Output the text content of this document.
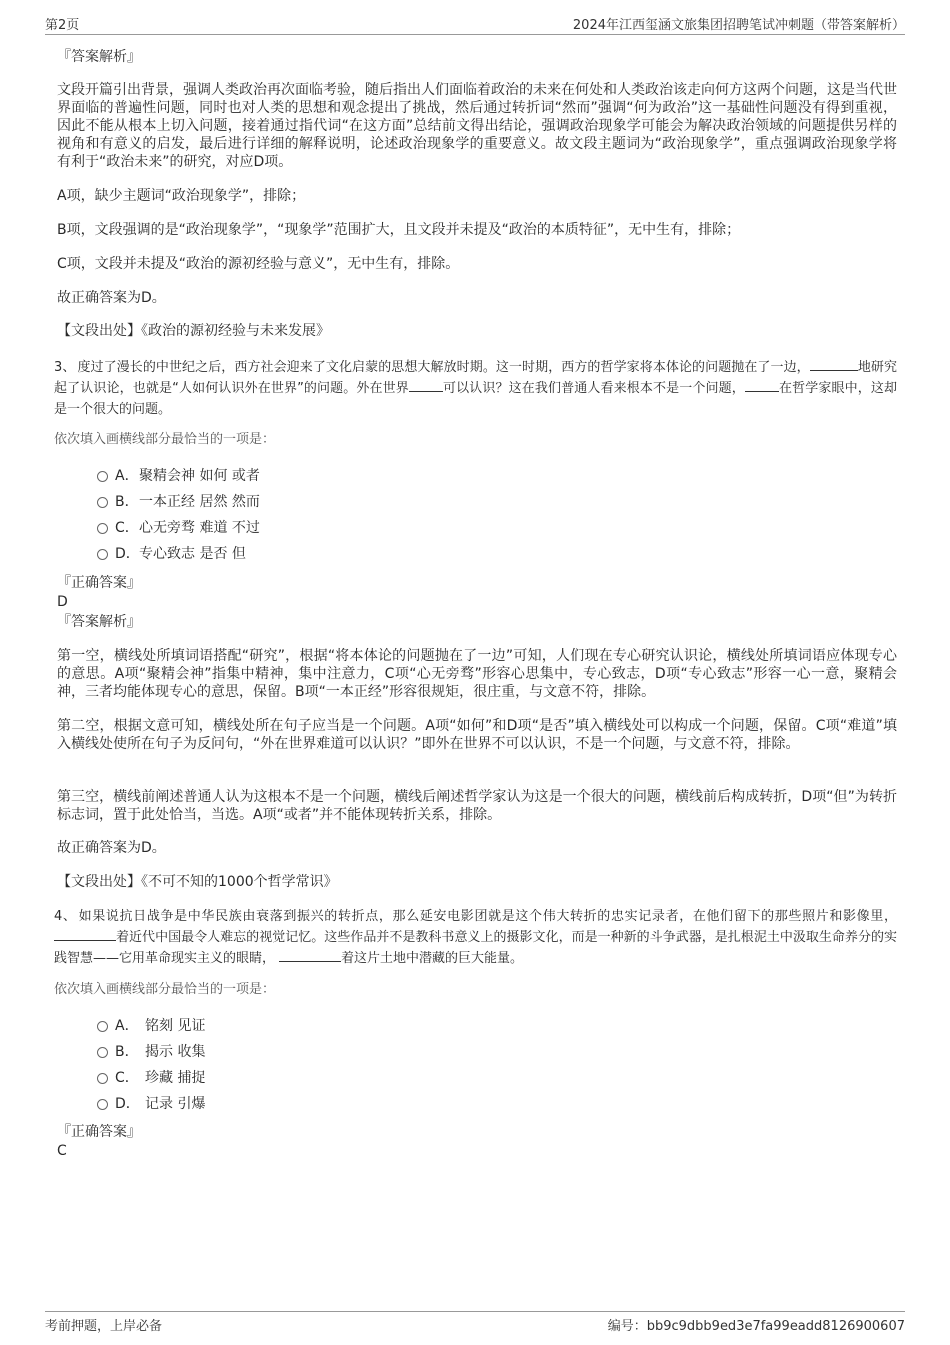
第2页	2024年江西玺涵文旅集团招聘笔试冲刺题（带答案解析）
『答案解析』
文段开篇引出背景，强调人类政治再次面临考验，随后指出人们面临着政治的未来在何处和人类政治该走向何方这两个问题，这是当代世界面临的普遍性问题，同时也对人类的思想和观念提出了挑战，然后通过转折词“然而”强调“何为政治”这一基础性问题没有得到重视，因此不能从根本上切入问题，接着通过指代词“在这方面”总结前文得出结论，强调政治现象学可能会为解决政治领域的问题提供另样的视角和有意义的启发，最后进行详细的解释说明，论述政治现象学的重要意义。故文段主题词为“政治现象学”，重点强调政治现象学将有利于“政治未来”的研究，对应D项。
A项，缺少主题词“政治现象学”，排除；
B项，文段强调的是“政治现象学”，“现象学”范围扩大，且文段并未提及“政治的本质特征”，无中生有，排除；
C项，文段并未提及“政治的源初经验与意义”，无中生有，排除。
故正确答案为D。
【文段出处】《政治的源初经验与未来发展》
3、 度过了漫长的中世纪之后，西方社会迎来了文化启蒙的思想大解放时期。这一时期，西方的哲学家将本体论的问题抛在了一边，	地研究起了认识论，也就是“人如何认识外在世界”的问题。外在世界	可以认识？这在我们普通人看来根本不是一个问题，	在哲学家眼中，这却是一个很大的问题。
依次填入画横线部分最恰当的一项是：
A． 聚精会神 如何 或者
B． 一本正经 居然 然而
C． 心无旁骛 难道 不过
D． 专心致志 是否 但
『正确答案』
D
『答案解析』
第一空，横线处所填词语搭配“研究”，根据“将本体论的问题抛在了一边”可知，人们现在专心研究认识论，横线处所填词语应体现专心的意思。A项“聚精会神”指集中精神，集中注意力，C项“心无旁骛”形容心思集中，专心致志，D项“专心致志”形容一心一意，聚精会神，三者均能体现专心的意思，保留。B项“一本正经”形容很规矩，很庄重，与文意不符，排除。
第二空，根据文意可知，横线处所在句子应当是一个问题。A项“如何”和D项“是否”填入横线处可以构成一个问题，保留。C项“难道”填入横线处使所在句子为反问句，“外在世界难道可以认识？”即外在世界不可以认识，不是一个问题，与文意不符，排除。
第三空，横线前阐述普通人认为这根本不是一个问题，横线后阐述哲学家认为这是一个很大的问题，横线前后构成转折，D项“但”为转折标志词，置于此处恰当，当选。A项“或者”并不能体现转折关系，排除。
故正确答案为D。
【文段出处】《不可不知的1000个哲学常识》
4、 如果说抗日战争是中华民族由衰落到振兴的转折点，那么延安电影团就是这个伟大转折的忠实记录者，在他们留下的那些照片和影像里，着近代中国最令人难忘的视觉记忆。这些作品并不是教科书意义上的摄影文化，而是一种新的斗争武器，是扎根泥土中汲取生命养分的实践智慧——它用革命现实主义的眼睛，	着这片土地中潜藏的巨大能量。
依次填入画横线部分最恰当的一项是：
A． 铭刻 见证
B． 揭示 收集
C． 珍藏 捕捉
D． 记录 引爆
『正确答案』
C
考前押题，上岸必备	编号：bb9c9dbb9ed3e7fa99eadd8126900607
